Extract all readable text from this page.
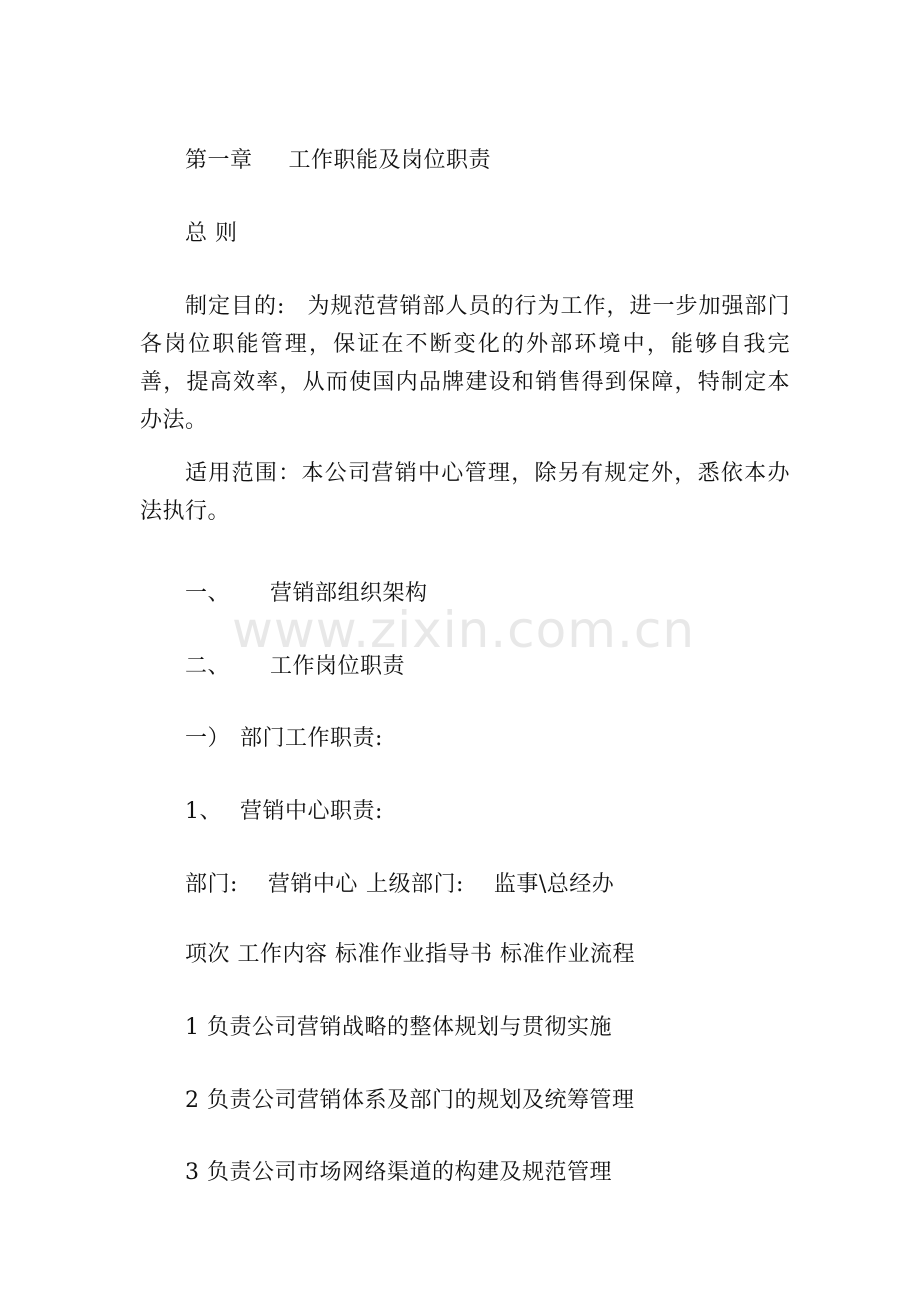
第一章 工作职能及岗位职责
总 则
制定目的: 为规范营销部人员的行为工作，进一步加强部门各岗位职能管理，保证在不断变化的外部环境中，能够自我完善，提高效率，从而使国内品牌建设和销售得到保障，特制定本办法。
适用范围：本公司营销中心管理，除另有规定外，悉依本办法执行。
一、 营销部组织架构
二、 工作岗位职责
一） 部门工作职责:
1、 营销中心职责:
部门: 营销中心 上级部门: 监事\总经办
项次 工作内容 标准作业指导书 标准作业流程
1 负责公司营销战略的整体规划与贯彻实施
2 负责公司营销体系及部门的规划及统筹管理
3 负责公司市场网络渠道的构建及规范管理
www.zixin.com.cn
